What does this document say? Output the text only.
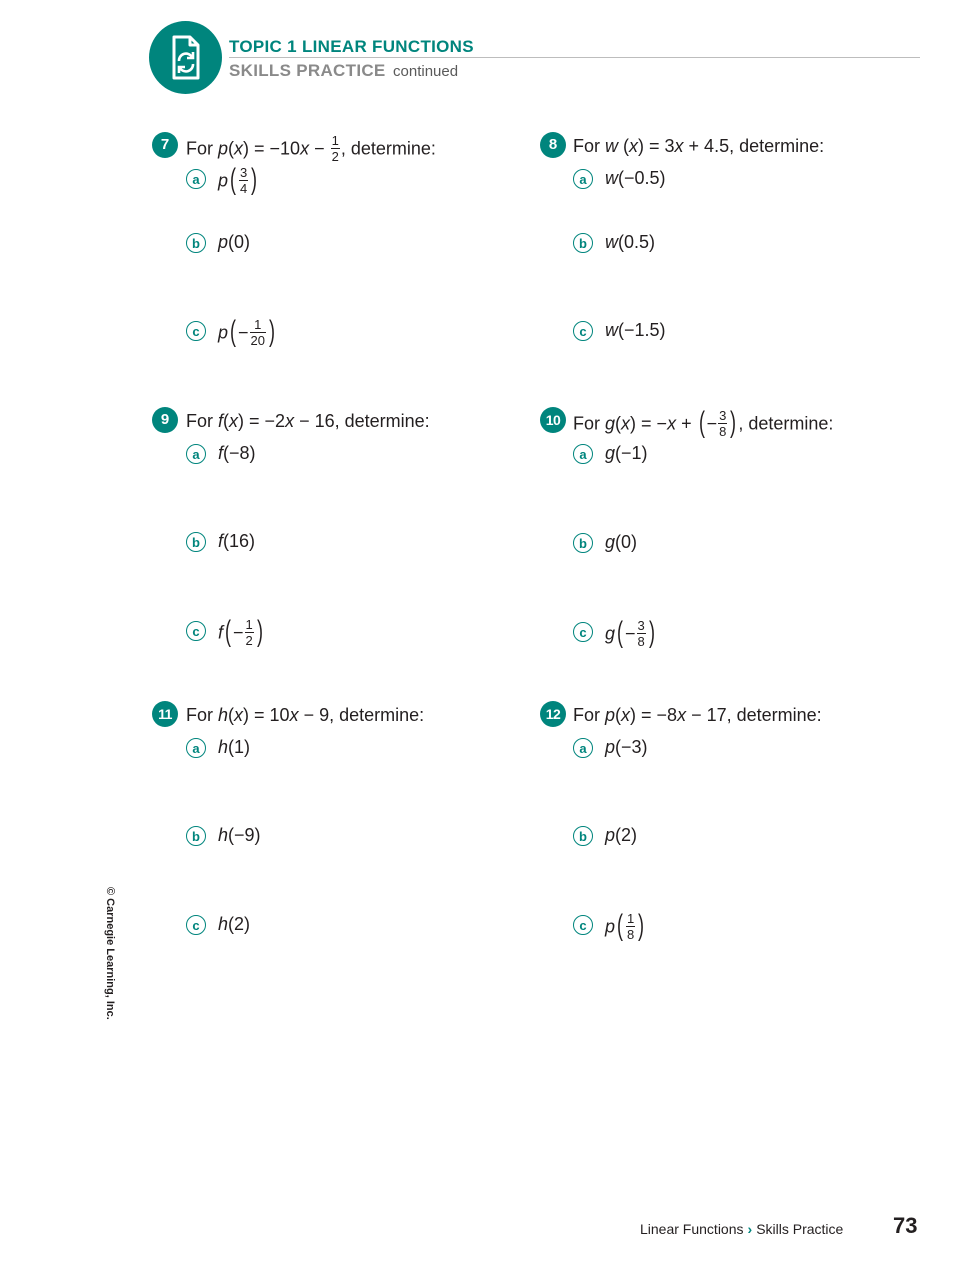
TOPIC 1 LINEAR FUNCTIONS
SKILLS PRACTICE continued
7 For $p(x) = -10x - \frac{1}{2}$ , determine:
a	$p( \frac{3}{4}$ )
b	p(0)
c	$p( - \frac{1}{20}$ )
8 For w (x) = 3x + 4.5, determine:
a	w(−0.5)
b	w(0.5)
c	w(−1.5)
9 For f(x) = −2x − 16, determine:
a	f(−8)
b	f(16)
c	$f( - \frac{1}{2}$ )
10 For g(x) = −x + ( − $\frac{3}{8}$ ) , determine:
a	g(−1)
b	g(0)
c	$g( - \frac{3}{8}$ )
11 For h(x) = 10x − 9, determine:
a	h(1)
b	h(−9)
c	h(2)
12 For p(x) = −8x − 17, determine:
a	p(−3)
b	p(2)
c	$p( \frac{1}{8}$ )
© Carnegie Learning, Inc.
Linear Functions › Skills Practice 73
